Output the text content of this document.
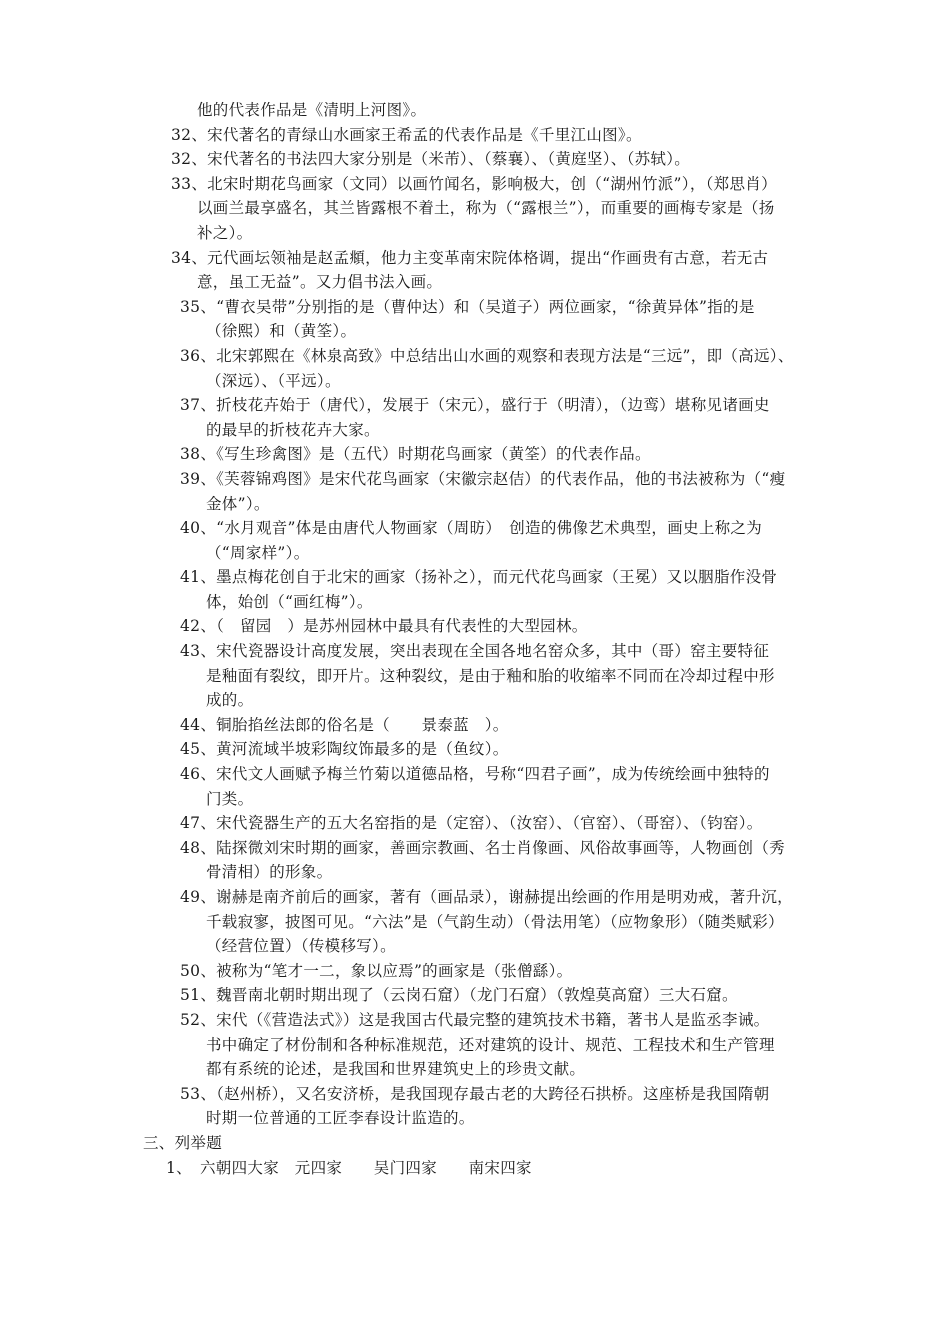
他的代表作品是《清明上河图》。
32、宋代著名的青绿山水画家王希孟的代表作品是《千里江山图》。
32、宋代著名的书法四大家分别是（米芾）、（蔡襄）、（黄庭坚）、（苏轼）。
33、北宋时期花鸟画家（文同）以画竹闻名，影响极大，创（“湖州竹派”），（郑思肖）
以画兰最享盛名，其兰皆露根不着土，称为（“露根兰”），而重要的画梅专家是（扬
补之）。
34、元代画坛领袖是赵孟頫，他力主变革南宋院体格调，提出“作画贵有古意，若无古
意，虽工无益”。又力倡书法入画。
35、“曹衣吴带”分别指的是（曹仲达）和（吴道子）两位画家，“徐黄异体”指的是
（徐熙）和（黄筌）。
36、北宋郭熙在《林泉高致》中总结出山水画的观察和表现方法是“三远”，即（高远）、
（深远）、（平远）。
37、折枝花卉始于（唐代），发展于（宋元），盛行于（明清），（边鸾）堪称见诸画史
的最早的折枝花卉大家。
38、《写生珍禽图》是（五代）时期花鸟画家（黄筌）的代表作品。
39、《芙蓉锦鸡图》是宋代花鸟画家（宋徽宗赵佶）的代表作品，他的书法被称为（“瘦
金体”）。
40、“水月观音”体是由唐代人物画家（周昉）　创造的佛像艺术典型，画史上称之为
（“周家样”）。
41、墨点梅花创自于北宋的画家（扬补之），而元代花鸟画家（王冕）又以胭脂作没骨
体，始创（“画红梅”）。
42、（　留园　）是苏州园林中最具有代表性的大型园林。
43、宋代瓷器设计高度发展，突出表现在全国各地名窑众多，其中（哥）窑主要特征
是釉面有裂纹，即开片。这种裂纹，是由于釉和胎的收缩率不同而在冷却过程中形
成的。
44、铜胎掐丝法郎的俗名是（　　景泰蓝　）。
45、黄河流域半坡彩陶纹饰最多的是（鱼纹）。
46、宋代文人画赋予梅兰竹菊以道德品格，号称“四君子画”，成为传统绘画中独特的
门类。
47、宋代瓷器生产的五大名窑指的是（定窑）、（汝窑）、（官窑）、（哥窑）、（钧窑）。
48、陆探微刘宋时期的画家，善画宗教画、名士肖像画、风俗故事画等，人物画创（秀
骨清相）的形象。
49、谢赫是南齐前后的画家，著有（画品录），谢赫提出绘画的作用是明劝戒，著升沉，
千载寂寥，披图可见。“六法”是（气韵生动）（骨法用笔）（应物象形）（随类赋彩）
（经营位置）（传模移写）。
50、被称为“笔才一二，象以应焉”的画家是（张僧繇）。
51、魏晋南北朝时期出现了（云岗石窟）（龙门石窟）（敦煌莫高窟）三大石窟。
52、宋代（《营造法式》）这是我国古代最完整的建筑技术书籍，著书人是监丞李诫。
书中确定了材份制和各种标准规范，还对建筑的设计、规范、工程技术和生产管理
都有系统的论述，是我国和世界建筑史上的珍贵文献。
53、（赵州桥），又名安济桥，是我国现存最古老的大跨径石拱桥。这座桥是我国隋朝
时期一位普通的工匠李春设计监造的。
三、列举题
1、　六朝四大家　元四家　　吴门四家　　南宋四家
